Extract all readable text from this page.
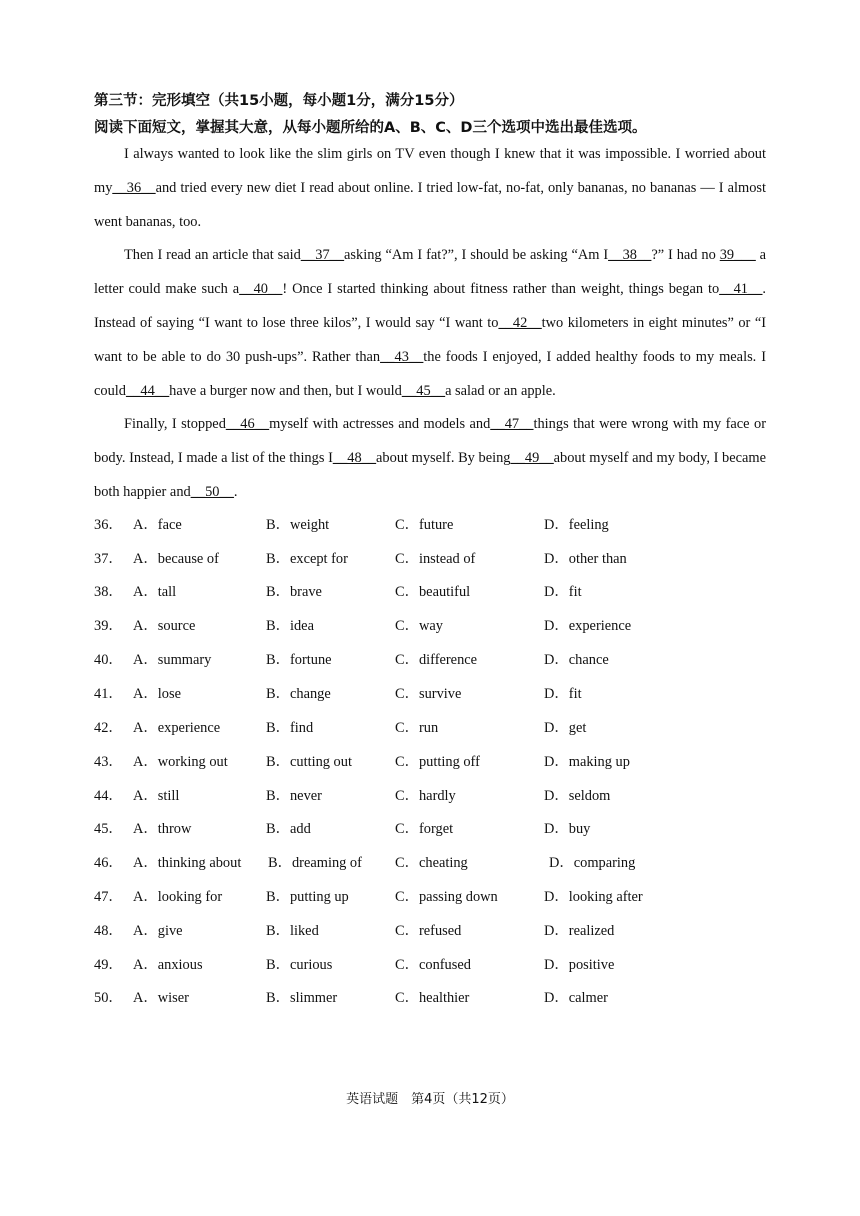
第三节：完形填空（共15小题，每小题1分，满分15分）
阅读下面短文，掌握其大意，从每小题所给的A、B、C、D三个选项中选出最佳选项。

I always wanted to look like the slim girls on TV even though I knew that it was impossible. I worried about my__36__and tried every new diet I read about online. I tried low-fat, no-fat, only bananas, no bananas — I almost went bananas, too.

Then I read an article that said__37__asking “Am I fat?”, I should be asking “Am I__38__?” I had no 39___ a letter could make such a__40__! Once I started thinking about fitness rather than weight, things began to__41__. Instead of saying “I want to lose three kilos”, I would say “I want to__42__two kilometers in eight minutes” or “I want to be able to do 30 push-ups”. Rather than__43__the foods I enjoyed, I added healthy foods to my meals. I could__44__have a burger now and then, but I would__45__a salad or an apple.

Finally, I stopped__46__myself with actresses and models and__47__things that were wrong with my face or body. Instead, I made a list of the things I__48__about myself. By being__49__about myself and my body, I became both happier and__50__.

36． A．face	B．weight	C．future	D．feeling
37． A．because of	B．except for	C．instead of	D．other than
38． A．tall	B．brave	C．beautiful	D．fit
39． A．source	B．idea	C．way	D．experience
40． A．summary	B．fortune	C．difference	D．chance
41． A．lose	B．change	C．survive	D．fit
42． A．experience	B．find	C．run	D．get
43． A．working out	B．cutting out	C．putting off	D．making up
44． A．still	B．never	C．hardly	D．seldom
45． A．throw	B．add	C．forget	D．buy
46． A．thinking about B．dreaming of C．cheating	D．comparing
47． A．looking for	B．putting up	C．passing down	D．looking after
48． A．give	B．liked	C．refused	D．realized
49． A．anxious	B．curious	C．confused	D．positive
50． A．wiser	B．slimmer	C．healthier	D．calmer
英语试题　第4页（共12页）
